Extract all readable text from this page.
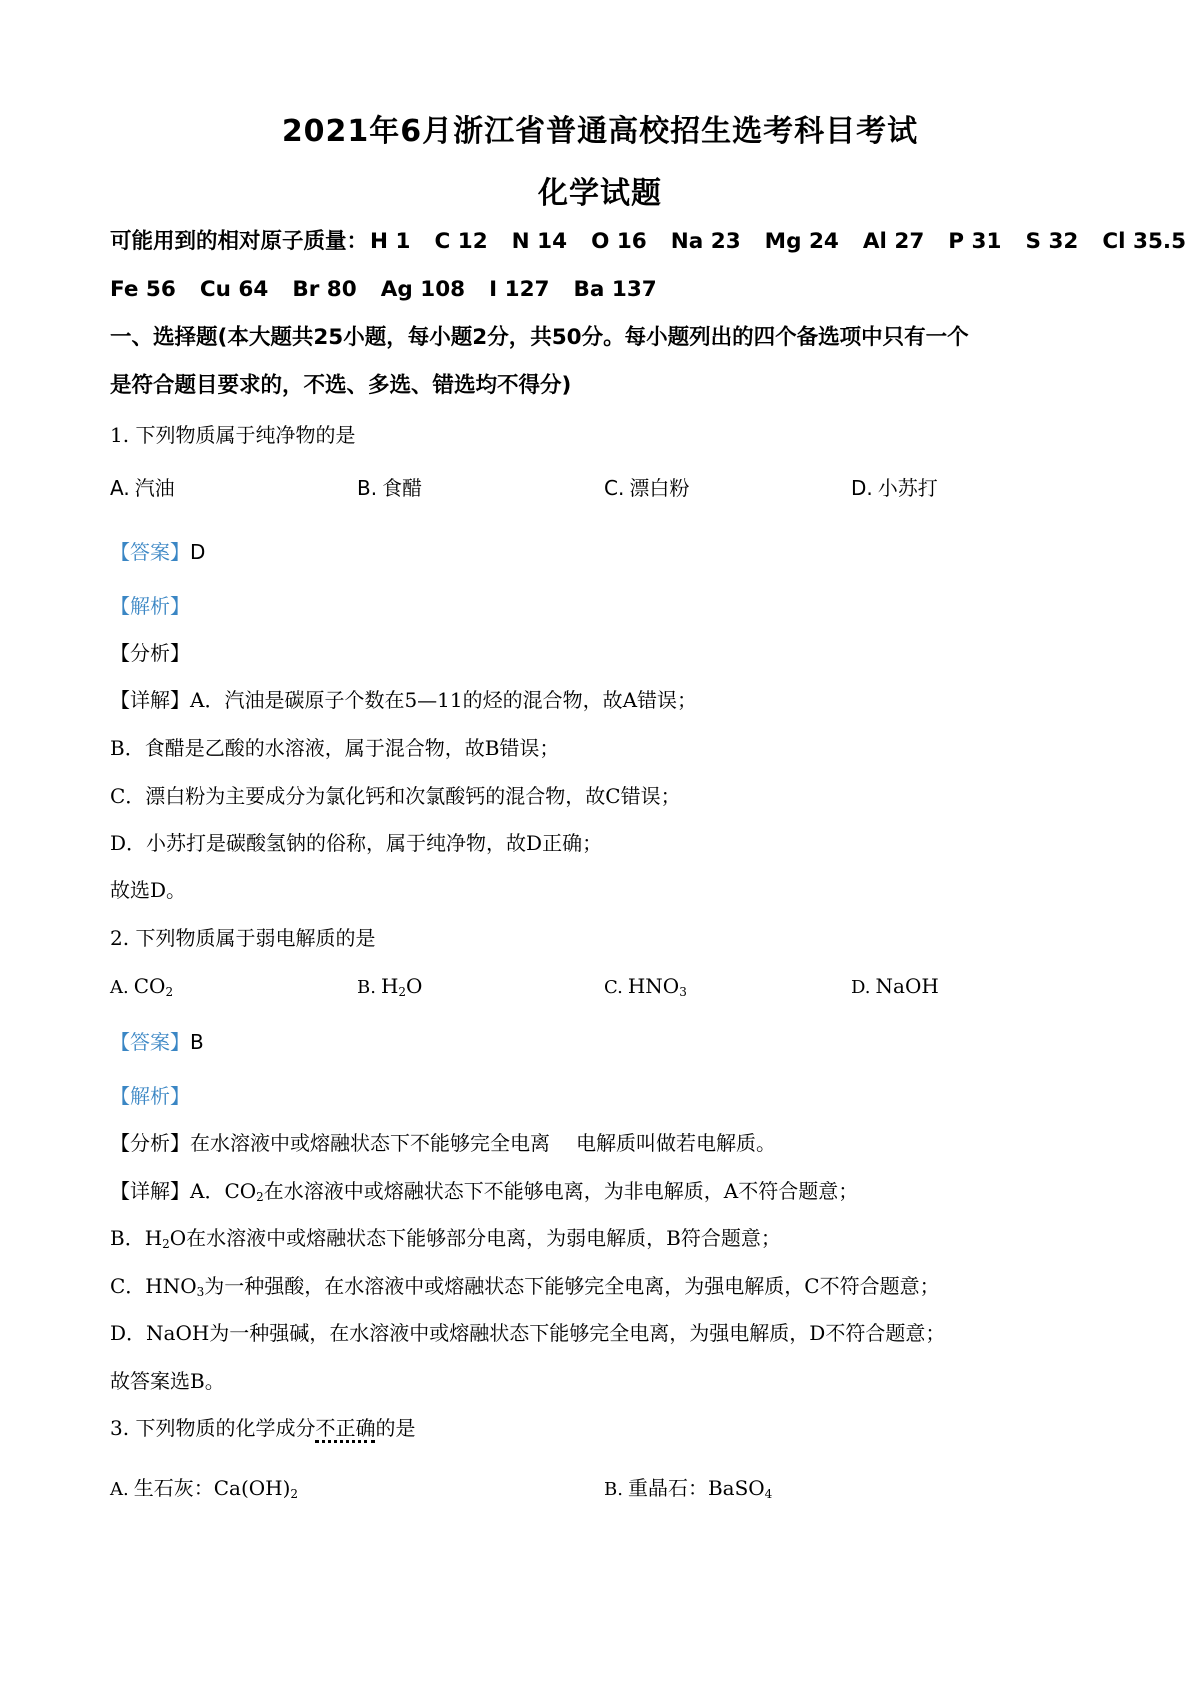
2021年6月浙江省普通高校招生选考科目考试
化学试题
可能用到的相对原子质量：H 1 C 12 N 14 O 16 Na 23 Mg 24 Al 27 P 31 S 32 Cl 35.5
Fe 56 Cu 64 Br 80 Ag 108 I 127 Ba 137
一、选择题(本大题共25小题，每小题2分，共50分。每小题列出的四个备选项中只有一个
是符合题目要求的，不选、多选、错选均不得分)
1. 下列物质属于纯净物的是
A. 汽油	B. 食醋	C. 漂白粉	D. 小苏打
【答案】D
【解析】
【分析】
【详解】A．汽油是碳原子个数在5—11的烃的混合物，故A错误；
B．食醋是乙酸的水溶液，属于混合物，故B错误；
C．漂白粉为主要成分为氯化钙和次氯酸钙的混合物，故C错误；
D．小苏打是碳酸氢钠的俗称，属于纯净物，故D正确；
故选D。
2. 下列物质属于弱电解质的是
A. $CO_2$	B. $H_2O$	C. $HNO_3$	D. NaOH
【答案】B
【解析】
【分析】在水溶液中或熔融状态下不能够完全电离 电解质叫做若电解质。
【详解】A．$CO_2$在水溶液中或熔融状态下不能够电离，为非电解质，A不符合题意；
B．$H_2O$在水溶液中或熔融状态下能够部分电离，为弱电解质，B符合题意；
C．$HNO_3$为一种强酸，在水溶液中或熔融状态下能够完全电离，为强电解质，C不符合题意；
D．NaOH为一种强碱，在水溶液中或熔融状态下能够完全电离，为强电解质，D不符合题意；
故答案选B。
3. 下列物质的化学成分不正确的是
A. 生石灰：$Ca(OH)_2$	B. 重晶石：BaSO$_4$
